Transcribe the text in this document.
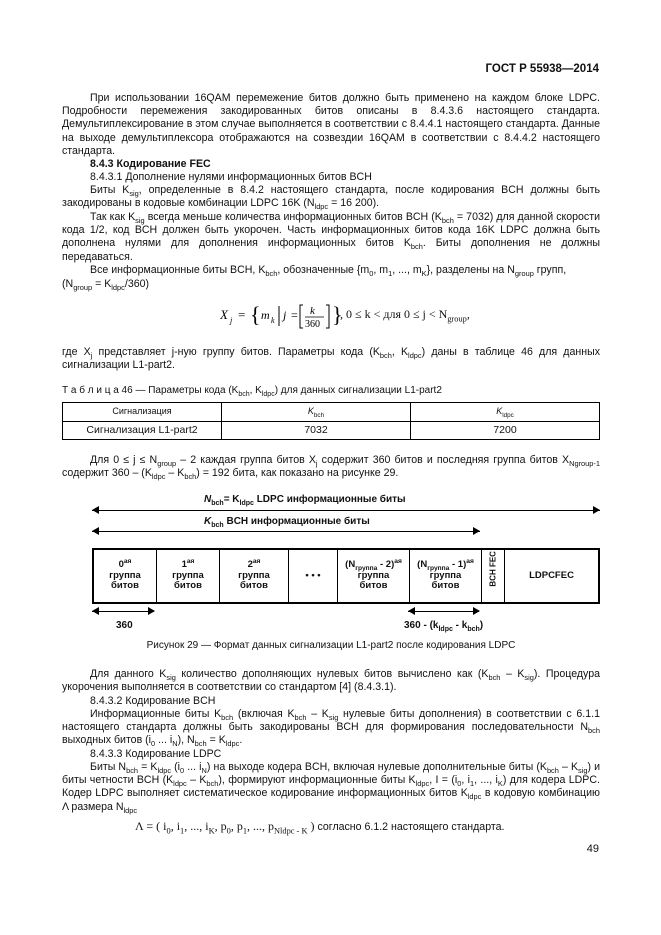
ГОСТ Р 55938—2014
При использовании 16QAM перемежение битов должно быть применено на каждом блоке LDPC. Подробности перемежения закодированных битов описаны в 8.4.3.6 настоящего стандарта. Демультиплексирование в этом случае выполняется в соответствии с 8.4.4.1 настоящего стандарта. Данные на выходе демультиплексора отображаются на созвездии 16QAM в соответствии с 8.4.4.2 настоящего стандарта.
8.4.3 Кодирование FEC
8.4.3.1 Дополнение нулями информационных битов BCH
Биты $K_{sig}$, определенные в 8.4.2 настоящего стандарта, после кодирования BCH должны быть закодированы в кодовые комбинации LDPC 16K ($N_{ldpc} = 16$ 200).
Так как $K_{sig}$ всегда меньше количества информационных битов BCH $(K_{bch} = 7032)$ для данной скорости кода 1/2, код BCH должен быть укорочен. Часть информационных битов кода 16K LDPC должна быть дополнена нулями для дополнения информационных битов $K_{bch}$. Биты дополнения не должны передаваться.
Все информационные биты BCH, $K_{bch}$, обозначенные {$m_0$, $m_1$, ..., $m_K$}, разделены на $N_{group}$ групп,
$(N_{group} = K_{ldpc}/360)$
X j = { m k j = k
360 }
, 0 ≤ k < для $0 \le j < N_{group}$,
где $X_j$ представляет j-ную группу битов. Параметры кода ($K_{bch}$, $K_{ldpc}$) даны в таблице 46 для данных сигнализации L1-part2.
Т а б л и ц а 46 — Параметры кода ($K_{bch}$, $K_{ldpc}$) для данных сигнализации L1-part2
Сигнализация	$K_{bch}$	$K_{ldpc}$
Сигнализация L1-part2	7032	7200
Для $0 \le j \le N_{group} - 2$ каждая группа битов $X_j$ содержит 360 битов и последняя группа битов $X_{Ngroup-1}$ содержит $360 - (K_{ldpc} - K_{bch}) = 192$ бита, как показано на рисунке 29.
$N_{bch}= K_{ldpc}$ LDPC информационные биты
$K_{bch}$ BCH информационные биты
$0^{ая}$
группа
битов
$1^{ая}$
группа
битов
$2^{ая}$
группа
битов
• • •
$(N_{группа} - 2)^{ая}$
группа
битов
$(N_{группа} - 1)^{ая}$
группа
битов	BCH FEC	LDPCFEC
360	$360 - (k_{ldpc} - k_{bch})$
Рисунок 29 — Формат данных сигнализации L1-part2 после кодирования LDPC
Для данного $K_{sig}$ количество дополняющих нулевых битов вычислено как $(K_{bch} - K_{sig})$. Процедура укорочения выполняется в соответствии со стандартом [4] (8.4.3.1).
8.4.3.2 Кодирование BCH
Информационные биты $K_{bch}$ (включая $K_{bch} - K_{sig}$ нулевые биты дополнения) в соответствии с 6.1.1 настоящего стандарта должны быть закодированы BCH для формирования последовательности $N_{bch}$ выходных битов ($i_0$ ... $i_N$), $N_{bch} = K_{ldpc}$.
8.4.3.3 Кодирование LDPC
Биты $N_{bch} = K_{ldpc}$ ($i_0$ ... $i_N$) на выходе кодера BCH, включая нулевые дополнительные биты $(K_{bch} - K_{sig})$ и биты четности BCH $(K_{ldpc} - K_{bch})$, формируют информационные биты $K_{ldpc}$, $I = (i_0$, $i_1$, ..., $i_K$) для кодера LDPC. Кодер LDPC выполняет систематическое кодирование информационных битов $K_{ldpc}$ в кодовую комбинацию Λ размера $N_{ldpc}$
Λ = ( $i_0$, $i_1$, ..., $i_K$, $p_0$, $p_1$, ..., $p_{Nldpc - K}$ ) согласно 6.1.2 настоящего стандарта.
49
